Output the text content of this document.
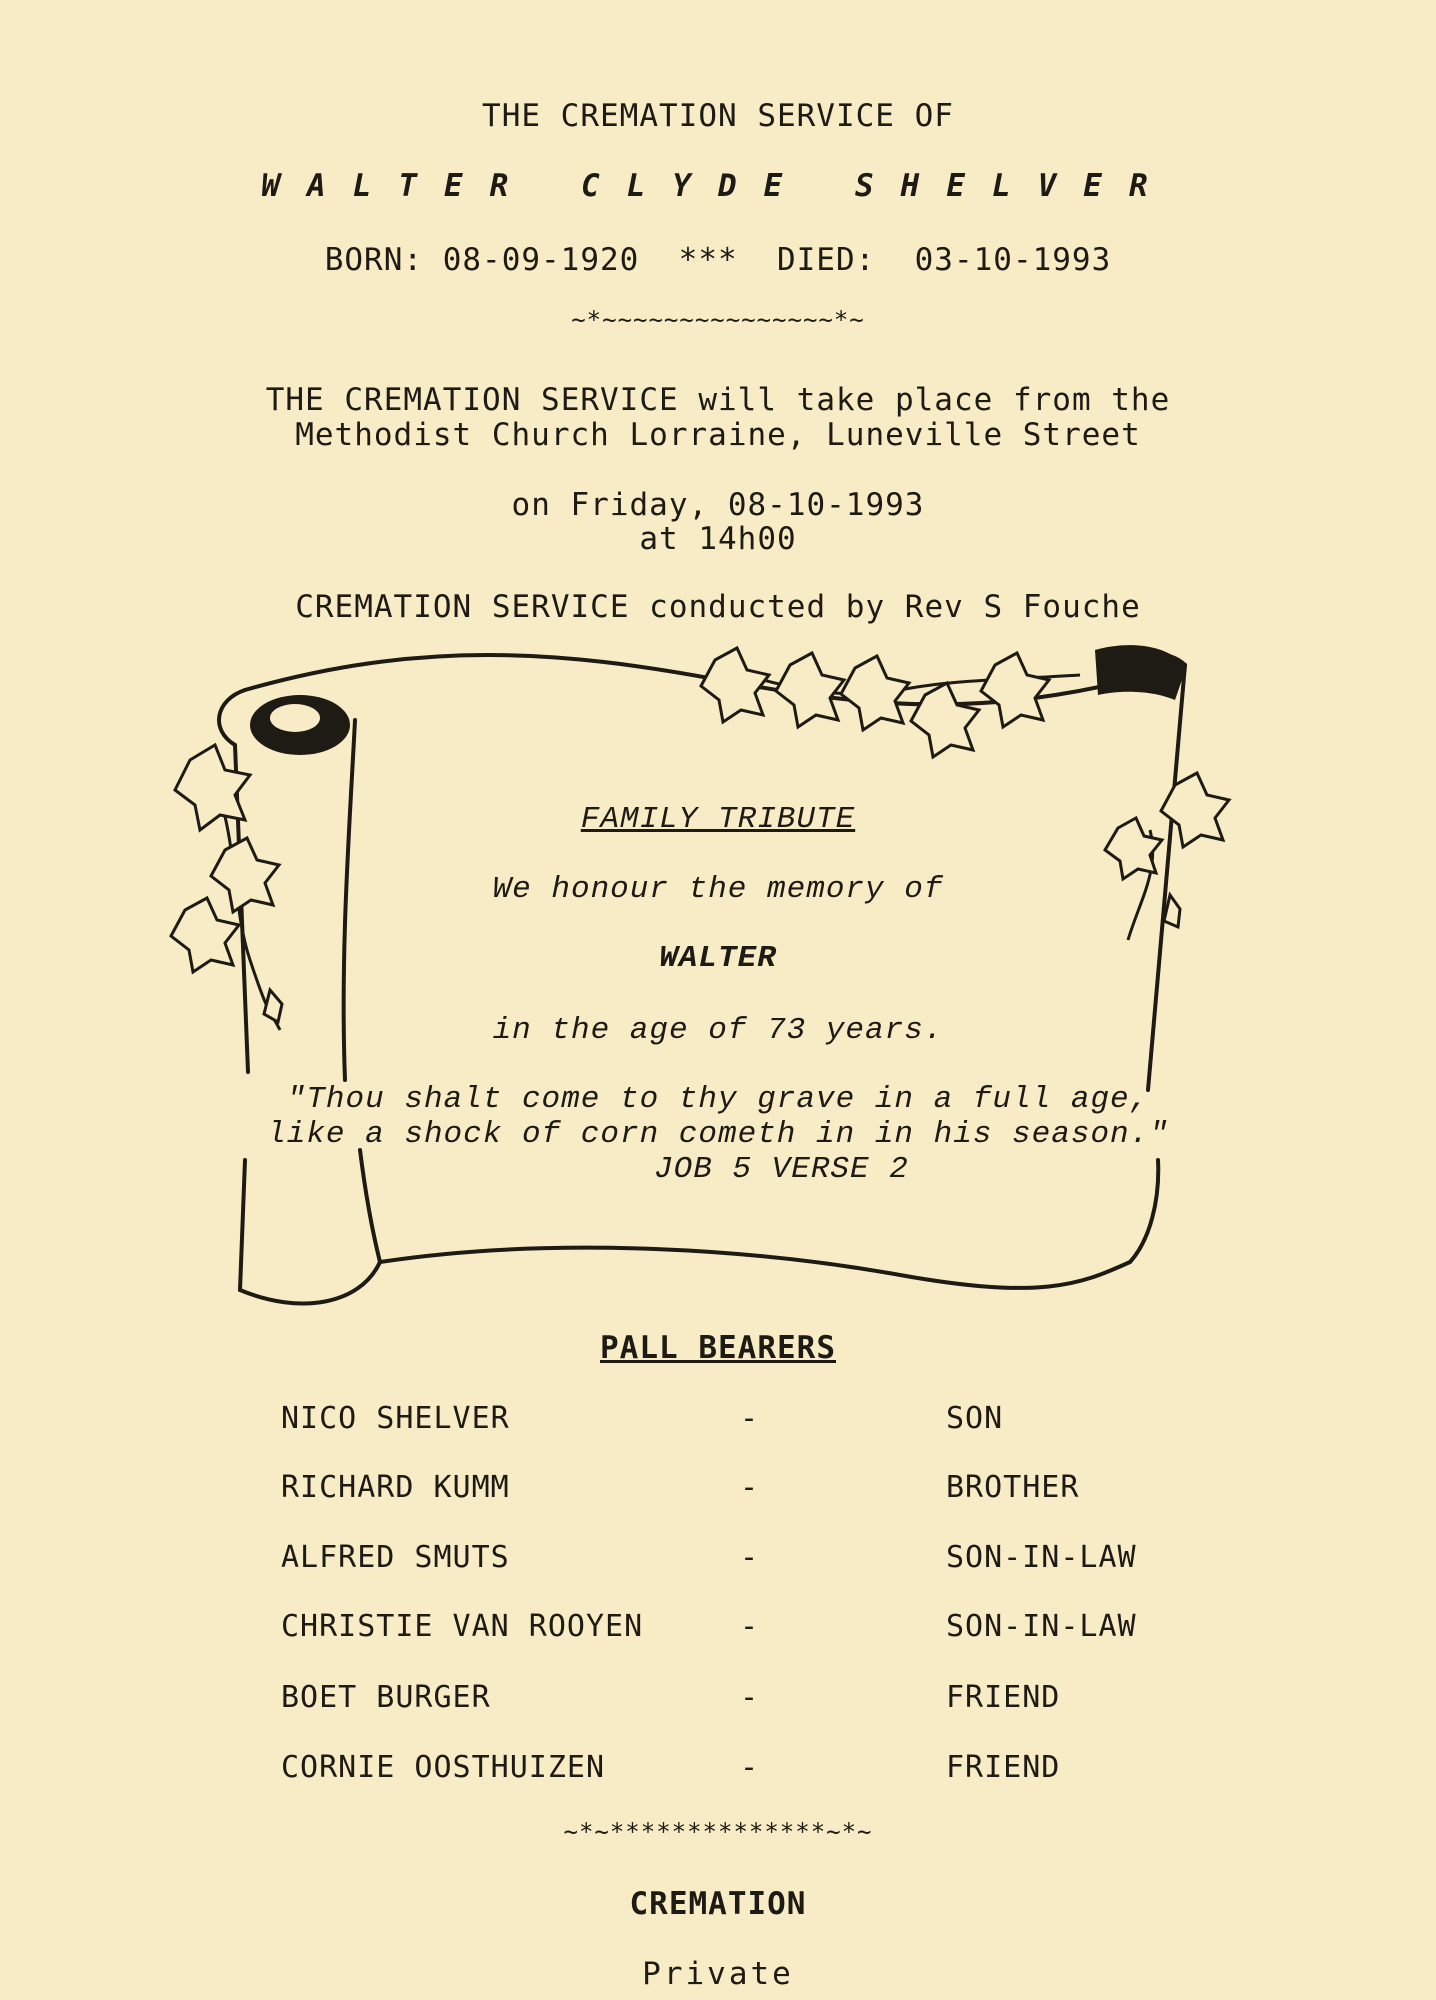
THE CREMATION SERVICE OF
WALTER CLYDE SHELVER
BORN: 08-09-1920  ***  DIED:  03-10-1993
~*~~~~~~~~~~~~~~~*~
THE CREMATION SERVICE will take place from the
Methodist Church Lorraine, Luneville Street
on Friday, 08-10-1993
at 14h00
CREMATION SERVICE conducted by Rev S Fouche
FAMILY TRIBUTE
We honour the memory of
WALTER
in the age of 73 years.
"Thou shalt come to thy grave in a full age,
like a shock of corn cometh in in his season."
JOB 5 VERSE 2
PALL BEARERS
NICO SHELVER	-	SON
RICHARD KUMM	-	BROTHER
ALFRED SMUTS	-	SON-IN-LAW
CHRISTIE VAN ROOYEN	-	SON-IN-LAW
BOET BURGER	-	FRIEND
CORNIE OOSTHUIZEN	-	FRIEND
~*~**************~*~
CREMATION
Private
